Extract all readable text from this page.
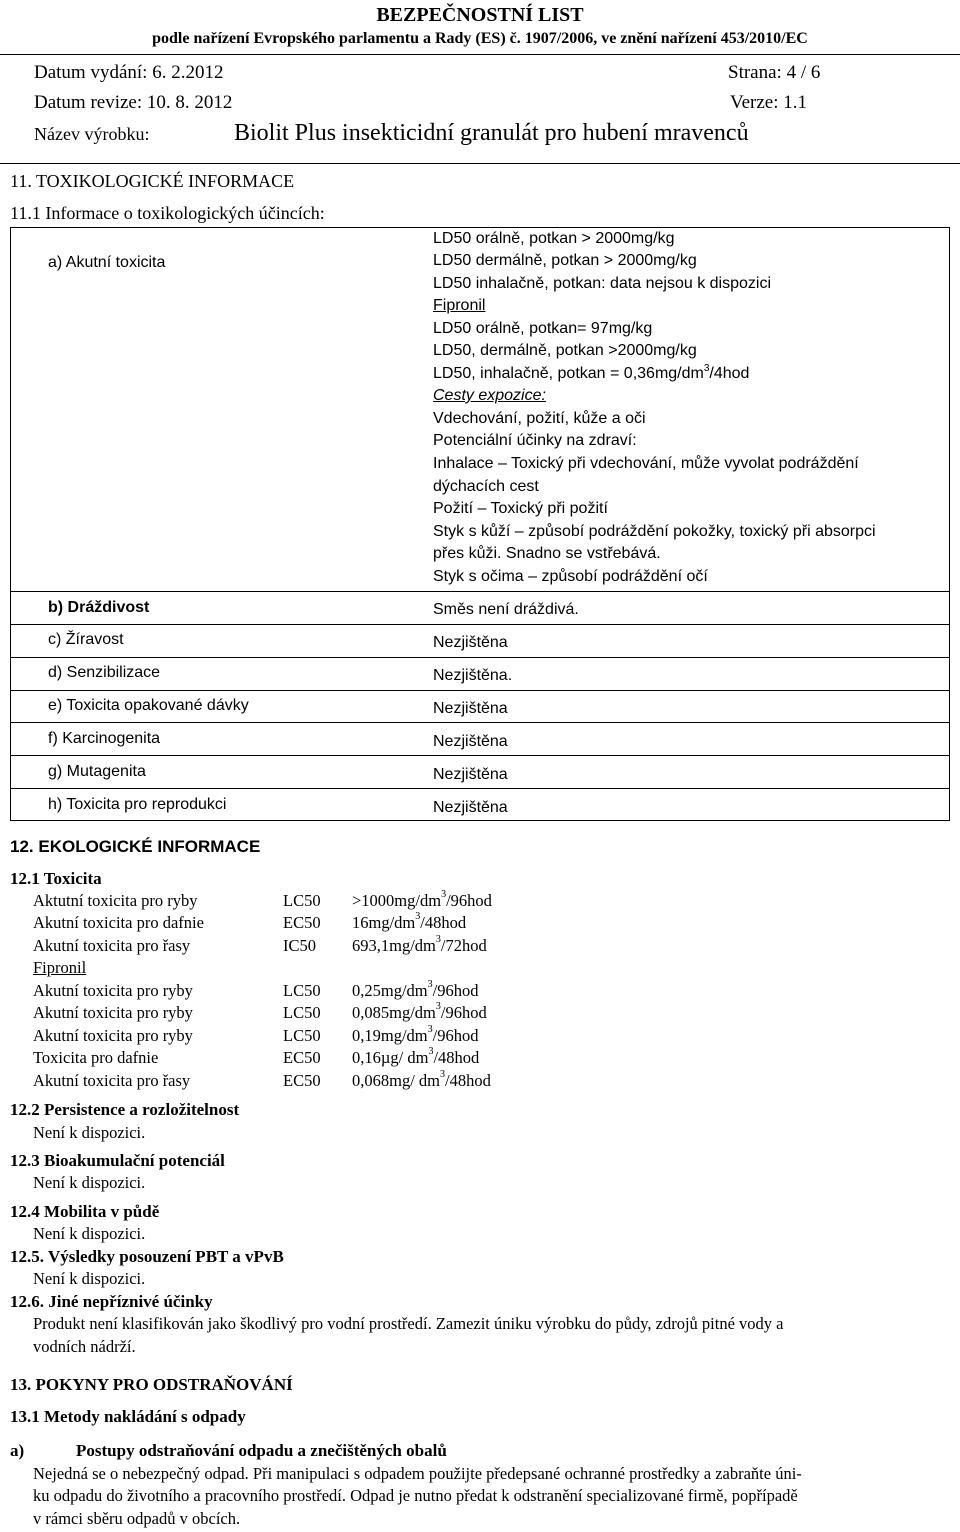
BEZPEČNOSTNÍ LIST
podle nařízení Evropského parlamentu a Rady (ES) č. 1907/2006, ve znění nařízení 453/2010/EC
Datum vydání: 6. 2.2012	Strana: 4 / 6
Datum revize: 10. 8. 2012	Verze: 1.1
Název výrobku:	Biolit Plus insekticidní granulát pro hubení mravenců
11. TOXIKOLOGICKÉ INFORMACE
11.1 Informace o toxikologických účincích:
a) Akutní toxicita
LD50 orálně, potkan > 2000mg/kg
LD50 dermálně, potkan > 2000mg/kg
LD50 inhalačně, potkan: data nejsou k dispozici
Fipronil
LD50 orálně, potkan= 97mg/kg
LD50, dermálně, potkan >2000mg/kg
LD50, inhalačně, potkan = $0,36mg/dm^3/4hod$
Cesty expozice:
Vdechování, požití, kůže a oči
Potenciální účinky na zdraví:
Inhalace – Toxický při vdechování, může vyvolat podráždění
dýchacích cest
Požití – Toxický při požití
Styk s kůží – způsobí podráždění pokožky, toxický při absorpci
přes kůži. Snadno se vstřebává.
Styk s očima – způsobí podráždění očí
b) Dráždivost	Směs není dráždivá.
c) Žíravost	Nezjištěna
d) Senzibilizace	Nezjištěna.
e) Toxicita opakované dávky	Nezjištěna
f) Karcinogenita	Nezjištěna
g) Mutagenita	Nezjištěna
h) Toxicita pro reprodukci	Nezjištěna
12. EKOLOGICKÉ INFORMACE
12.1 Toxicita
Aktutní toxicita pro ryby	$LC50 >1000mg/dm^3/96hod$
Akutní toxicita pro dafnie	EC50 $16mg/dm^3/48hod$
Akutní toxicita pro řasy	IC50 $693,1mg/dm^3/72hod$
Fipronil
Akutní toxicita pro ryby	LC50 $0,25mg/dm^3/96hod$
Akutní toxicita pro ryby	LC50 $0,085mg/dm^3/96hod$
Akutní toxicita pro ryby	LC50 $0,19mg/dm^3/96hod$
Toxicita pro dafnie	EC50 0,16µg/ $dm^3/48hod$
Akutní toxicita pro řasy	EC50 0,068mg/ $dm^3/48hod$
12.2 Persistence a rozložitelnost
Není k dispozici.
12.3 Bioakumulační potenciál
Není k dispozici.
12.4 Mobilita v půdě
Není k dispozici.
12.5. Výsledky posouzení PBT a vPvB
Není k dispozici.
12.6. Jiné nepříznivé účinky
Produkt není klasifikován jako škodlivý pro vodní prostředí. Zamezit úniku výrobku do půdy, zdrojů pitné vody a
vodních nádrží.
13. POKYNY PRO ODSTRAŇOVÁNÍ
13.1 Metody nakládání s odpady
a)	Postupy odstraňování odpadu a znečištěných obalů
Nejedná se o nebezpečný odpad. Při manipulaci s odpadem použijte předepsané ochranné prostředky a zabraňte úni-
ku odpadu do životního a pracovního prostředí. Odpad je nutno předat k odstranění specializované firmě, popřípadě
v rámci sběru odpadů v obcích.
